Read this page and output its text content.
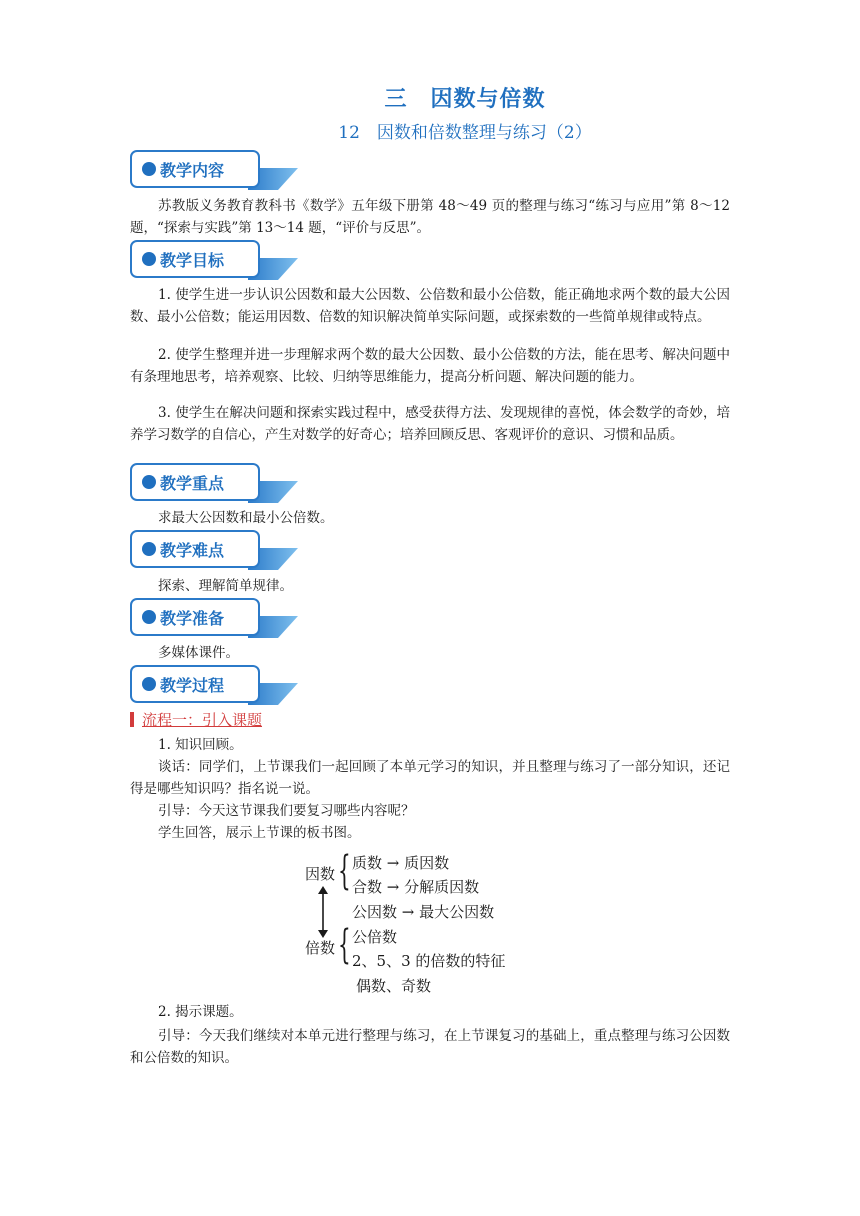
三　因数与倍数
12　因数和倍数整理与练习（2）
教学内容
苏教版义务教育教科书《数学》五年级下册第 48～49 页的整理与练习“练习与应用”第 8～12 题，“探索与实践”第 13～14 题，“评价与反思”。
教学目标
1. 使学生进一步认识公因数和最大公因数、公倍数和最小公倍数，能正确地求两个数的最大公因数、最小公倍数；能运用因数、倍数的知识解决简单实际问题，或探索数的一些简单规律或特点。
2. 使学生整理并进一步理解求两个数的最大公因数、最小公倍数的方法，能在思考、解决问题中有条理地思考，培养观察、比较、归纳等思维能力，提高分析问题、解决问题的能力。
3. 使学生在解决问题和探索实践过程中，感受获得方法、发现规律的喜悦，体会数学的奇妙，培养学习数学的自信心，产生对数学的好奇心；培养回顾反思、客观评价的意识、习惯和品质。
教学重点
求最大公因数和最小公倍数。
教学难点
探索、理解简单规律。
教学准备
多媒体课件。
教学过程
流程一：引入课题
1. 知识回顾。
谈话：同学们，上节课我们一起回顾了本单元学习的知识，并且整理与练习了一部分知识，还记得是哪些知识吗？指名说一说。
引导：今天这节课我们要复习哪些内容呢？
学生回答，展示上节课的板书图。
因数 { 质数 → 质因数
合数 → 分解质因数
公因数 → 最大公因数
倍数 { 公倍数
2、5、3 的倍数的特征
偶数、奇数
2. 揭示课题。
引导：今天我们继续对本单元进行整理与练习，在上节课复习的基础上，重点整理与练习公因数和公倍数的知识。
